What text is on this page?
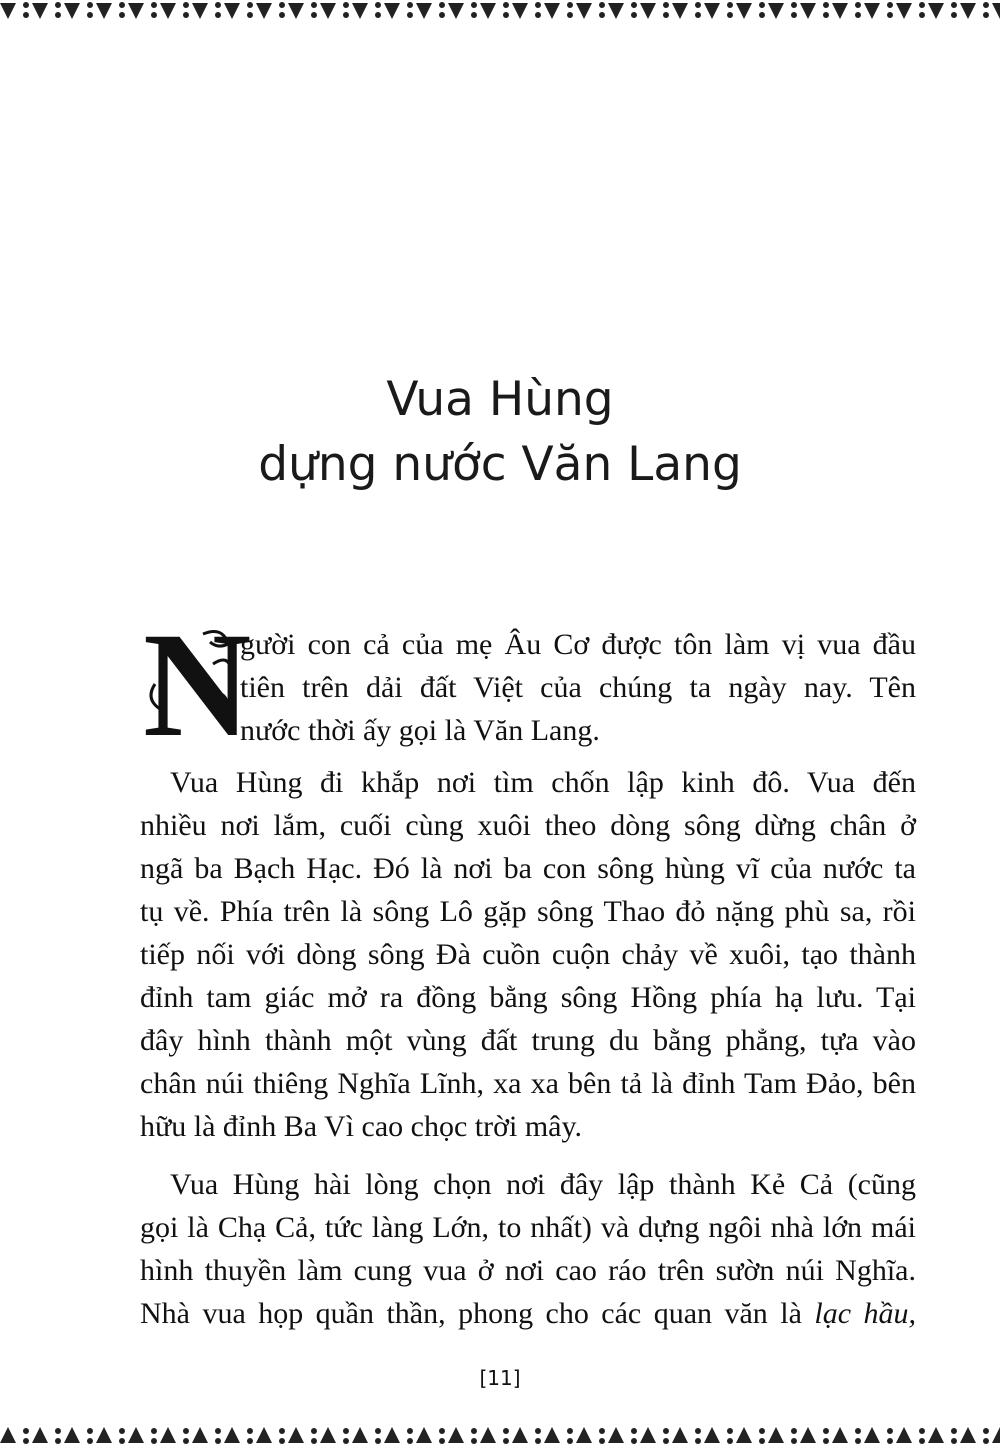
Vua Hùng
dựng nước Văn Lang
N
gười con cả của mẹ Âu Cơ được tôn làm vị vua đầu
tiên trên dải đất Việt của chúng ta ngày nay. Tên
nước thời ấy gọi là Văn Lang.
Vua Hùng đi khắp nơi tìm chốn lập kinh đô. Vua đến
nhiều nơi lắm, cuối cùng xuôi theo dòng sông dừng chân ở
ngã ba Bạch Hạc. Đó là nơi ba con sông hùng vĩ của nước ta
tụ về. Phía trên là sông Lô gặp sông Thao đỏ nặng phù sa, rồi
tiếp nối với dòng sông Đà cuồn cuộn chảy về xuôi, tạo thành
đỉnh tam giác mở ra đồng bằng sông Hồng phía hạ lưu. Tại
đây hình thành một vùng đất trung du bằng phẳng, tựa vào
chân núi thiêng Nghĩa Lĩnh, xa xa bên tả là đỉnh Tam Đảo, bên
hữu là đỉnh Ba Vì cao chọc trời mây.
Vua Hùng hài lòng chọn nơi đây lập thành Kẻ Cả (cũng
gọi là Chạ Cả, tức làng Lớn, to nhất) và dựng ngôi nhà lớn mái
hình thuyền làm cung vua ở nơi cao ráo trên sườn núi Nghĩa.
Nhà vua họp quần thần, phong cho các quan văn là lạc hầu,
[11]
